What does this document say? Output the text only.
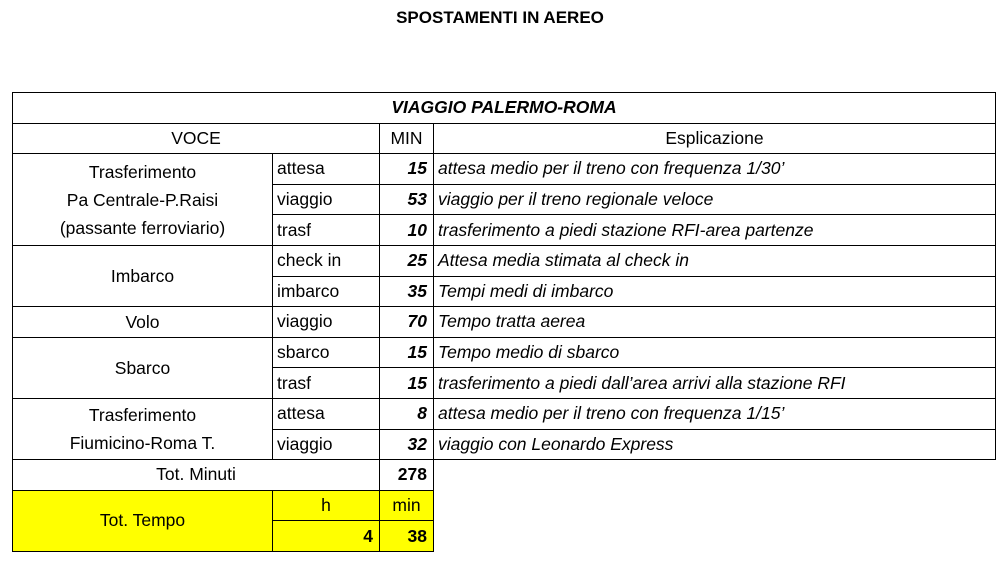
SPOSTAMENTI IN AEREO
VIAGGIO PALERMO-ROMA			
VOCE		MIN	Esplicazione

Trasferimento
Pa Centrale-P.Raisi
(passante ferroviario)	attesa	15	attesa medio per il treno con frequenza 1/30’
	viaggio	53	viaggio per il treno regionale veloce
	trasf	10	trasferimento a piedi stazione RFI-area partenze

Imbarco	check in	25	Attesa media stimata al check in
	imbarco	35	Tempi medi di imbarco

Volo	viaggio	70	Tempo tratta aerea

Sbarco	sbarco	15	Tempo medio di sbarco
	trasf	15	trasferimento a piedi dall’area arrivi alla stazione RFI

Trasferimento
Fiumicino-Roma T.	attesa	8	attesa medio per il treno con frequenza 1/15’
	viaggio	32	viaggio con Leonardo Express
Tot. Minuti		278	
Tot. Tempo	h	min	
	4	38	
